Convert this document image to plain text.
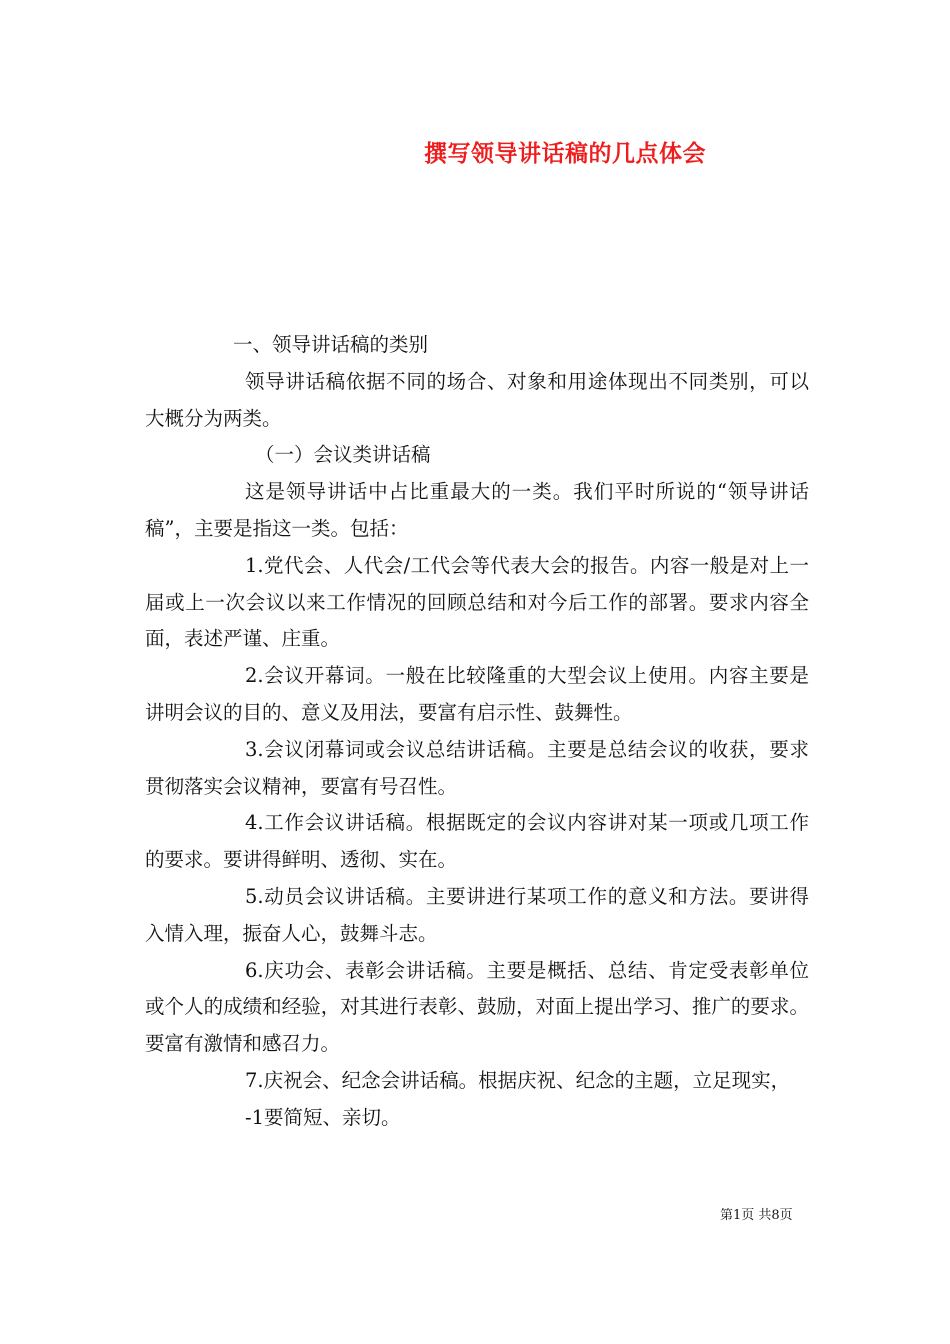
撰写领导讲话稿的几点体会

一、领导讲话稿的类别

领导讲话稿依据不同的场合、对象和用途体现出不同类别，可以大概分为两类。

（一）会议类讲话稿

这是领导讲话中占比重最大的一类。我们平时所说的“领导讲话稿”，主要是指这一类。包括：

1.党代会、人代会/工代会等代表大会的报告。内容一般是对上一届或上一次会议以来工作情况的回顾总结和对今后工作的部署。要求内容全面，表述严谨、庄重。

2.会议开幕词。一般在比较隆重的大型会议上使用。内容主要是讲明会议的目的、意义及用法，要富有启示性、鼓舞性。

3.会议闭幕词或会议总结讲话稿。主要是总结会议的收获，要求贯彻落实会议精神，要富有号召性。

4.工作会议讲话稿。根据既定的会议内容讲对某一项或几项工作的要求。要讲得鲜明、透彻、实在。

5.动员会议讲话稿。主要讲进行某项工作的意义和方法。要讲得入情入理，振奋人心，鼓舞斗志。

6.庆功会、表彰会讲话稿。主要是概括、总结、肯定受表彰单位或个人的成绩和经验，对其进行表彰、鼓励，对面上提出学习、推广的要求。要富有激情和感召力。

7.庆祝会、纪念会讲话稿。根据庆祝、纪念的主题，立足现实，

-1要简短、亲切。

第1页 共8页
